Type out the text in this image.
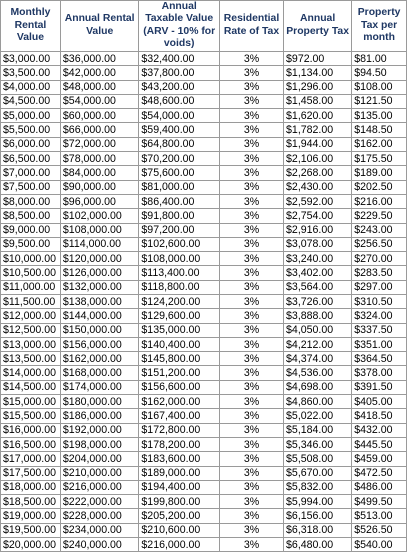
Monthly Rental Value	Annual Rental Value	Annual Taxable Value (ARV - 10% for voids)	Residential Rate of Tax	Annual Property Tax	Property Tax per month
$3,000.00	$36,000.00	$32,400.00	3%	$972.00	$81.00
$3,500.00	$42,000.00	$37,800.00	3%	$1,134.00	$94.50
$4,000.00	$48,000.00	$43,200.00	3%	$1,296.00	$108.00
$4,500.00	$54,000.00	$48,600.00	3%	$1,458.00	$121.50
$5,000.00	$60,000.00	$54,000.00	3%	$1,620.00	$135.00
$5,500.00	$66,000.00	$59,400.00	3%	$1,782.00	$148.50
$6,000.00	$72,000.00	$64,800.00	3%	$1,944.00	$162.00
$6,500.00	$78,000.00	$70,200.00	3%	$2,106.00	$175.50
$7,000.00	$84,000.00	$75,600.00	3%	$2,268.00	$189.00
$7,500.00	$90,000.00	$81,000.00	3%	$2,430.00	$202.50
$8,000.00	$96,000.00	$86,400.00	3%	$2,592.00	$216.00
$8,500.00	$102,000.00	$91,800.00	3%	$2,754.00	$229.50
$9,000.00	$108,000.00	$97,200.00	3%	$2,916.00	$243.00
$9,500.00	$114,000.00	$102,600.00	3%	$3,078.00	$256.50
$10,000.00	$120,000.00	$108,000.00	3%	$3,240.00	$270.00
$10,500.00	$126,000.00	$113,400.00	3%	$3,402.00	$283.50
$11,000.00	$132,000.00	$118,800.00	3%	$3,564.00	$297.00
$11,500.00	$138,000.00	$124,200.00	3%	$3,726.00	$310.50
$12,000.00	$144,000.00	$129,600.00	3%	$3,888.00	$324.00
$12,500.00	$150,000.00	$135,000.00	3%	$4,050.00	$337.50
$13,000.00	$156,000.00	$140,400.00	3%	$4,212.00	$351.00
$13,500.00	$162,000.00	$145,800.00	3%	$4,374.00	$364.50
$14,000.00	$168,000.00	$151,200.00	3%	$4,536.00	$378.00
$14,500.00	$174,000.00	$156,600.00	3%	$4,698.00	$391.50
$15,000.00	$180,000.00	$162,000.00	3%	$4,860.00	$405.00
$15,500.00	$186,000.00	$167,400.00	3%	$5,022.00	$418.50
$16,000.00	$192,000.00	$172,800.00	3%	$5,184.00	$432.00
$16,500.00	$198,000.00	$178,200.00	3%	$5,346.00	$445.50
$17,000.00	$204,000.00	$183,600.00	3%	$5,508.00	$459.00
$17,500.00	$210,000.00	$189,000.00	3%	$5,670.00	$472.50
$18,000.00	$216,000.00	$194,400.00	3%	$5,832.00	$486.00
$18,500.00	$222,000.00	$199,800.00	3%	$5,994.00	$499.50
$19,000.00	$228,000.00	$205,200.00	3%	$6,156.00	$513.00
$19,500.00	$234,000.00	$210,600.00	3%	$6,318.00	$526.50
$20,000.00	$240,000.00	$216,000.00	3%	$6,480.00	$540.00
